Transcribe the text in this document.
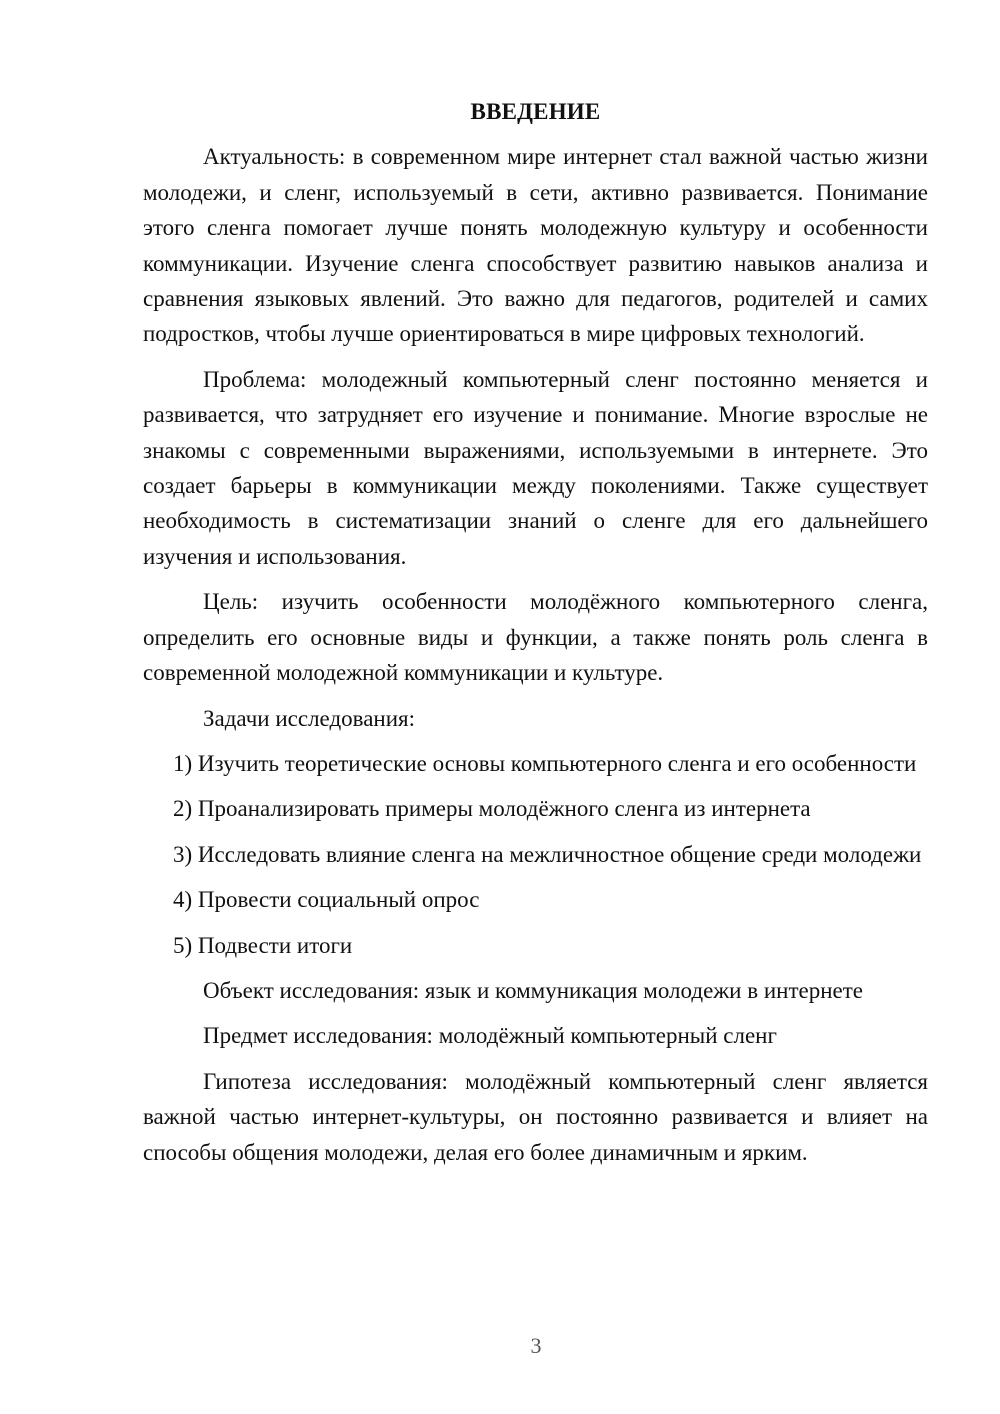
ВВЕДЕНИЕ

Актуальность: в современном мире интернет стал важной частью жизни молодежи, и сленг, используемый в сети, активно развивается. Понимание этого сленга помогает лучше понять молодежную культуру и особенности коммуникации. Изучение сленга способствует развитию навыков анализа и сравнения языковых явлений. Это важно для педагогов, родителей и самих подростков, чтобы лучше ориентироваться в мире цифровых технологий.

Проблема: молодежный компьютерный сленг постоянно меняется и развивается, что затрудняет его изучение и понимание. Многие взрослые не знакомы с современными выражениями, используемыми в интернете. Это создает барьеры в коммуникации между поколениями. Также существует необходимость в систематизации знаний о сленге для его дальнейшего изучения и использования.

Цель: изучить особенности молодёжного компьютерного сленга, определить его основные виды и функции, а также понять роль сленга в современной молодежной коммуникации и культуре.

Задачи исследования:

1) Изучить теоретические основы компьютерного сленга и его особенности

2) Проанализировать примеры молодёжного сленга из интернета

3) Исследовать влияние сленга на межличностное общение среди молодежи

4) Провести социальный опрос

5) Подвести итоги

Объект исследования: язык и коммуникация молодежи в интернете

Предмет исследования: молодёжный компьютерный сленг

Гипотеза исследования: молодёжный компьютерный сленг является важной частью интернет-культуры, он постоянно развивается и влияет на способы общения молодежи, делая его более динамичным и ярким.

3
